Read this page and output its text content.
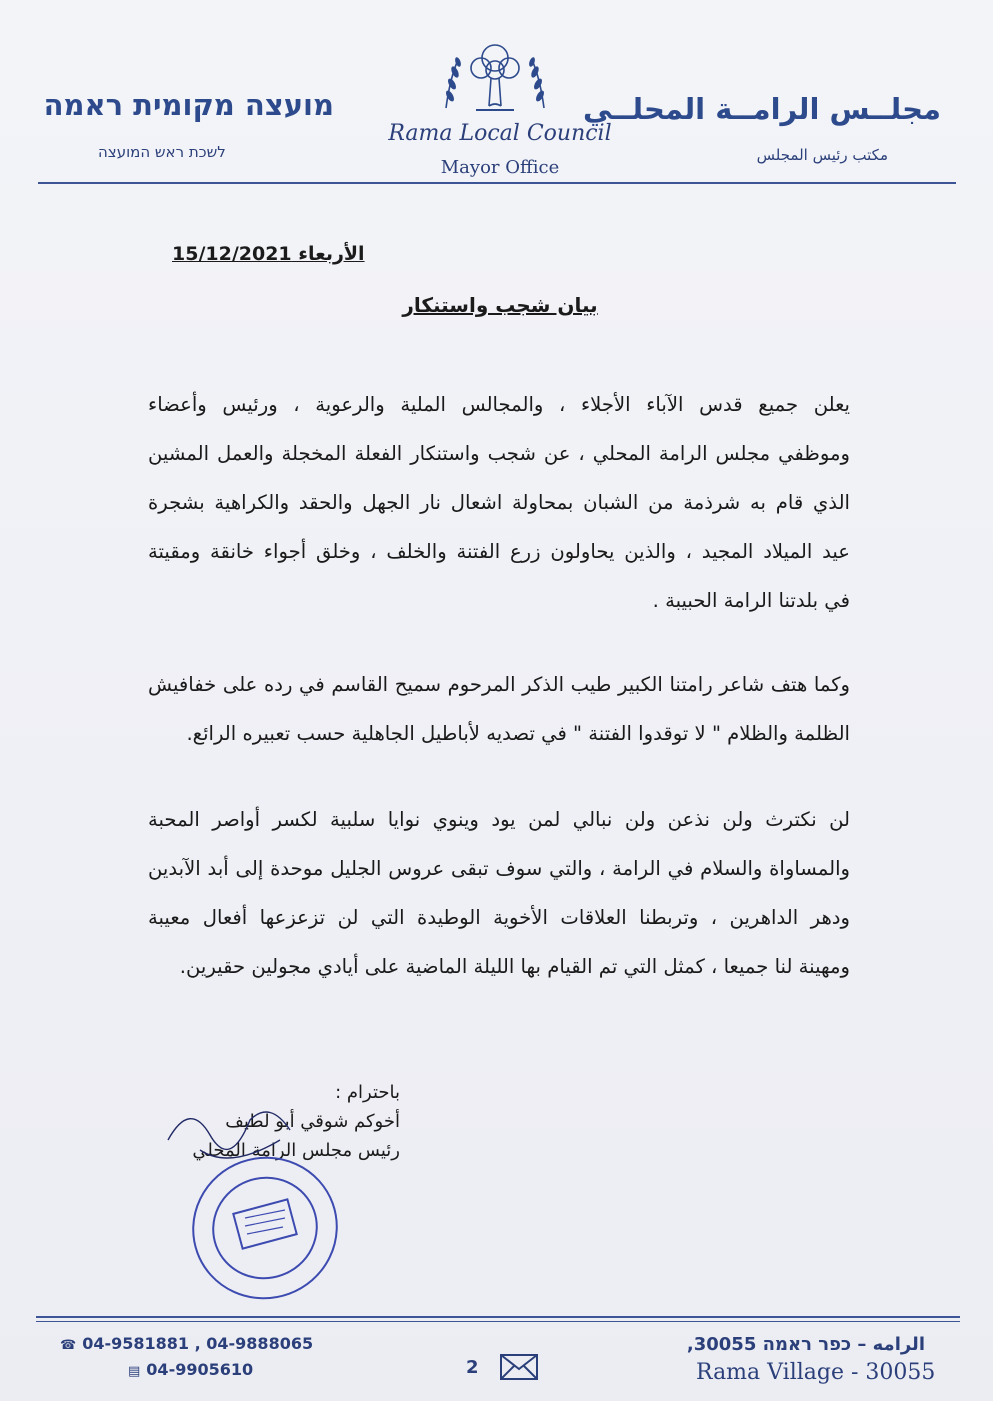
מועצה מקומית ראמה
לשכת ראש המועצה
Rama Local Council
Mayor Office
مجلــس الرامــة المحلــي
مكتب رئيس المجلس
الأربعاء 15/12/2021
بيان شجب واستنكار
يعلن جميع قدس الآباء الأجلاء ، والمجالس الملية والرعوية ، ورئيس وأعضاء
وموظفي مجلس الرامة المحلي ، عن شجب واستنكار الفعلة المخجلة والعمل المشين
الذي قام به شرذمة من الشبان بمحاولة اشعال نار الجهل والحقد والكراهية بشجرة
عيد الميلاد المجيد ، والذين يحاولون زرع الفتنة والخلف ، وخلق أجواء خانقة ومقيتة
في بلدتنا الرامة الحبيبة .
وكما هتف شاعر رامتنا الكبير طيب الذكر المرحوم سميح القاسم في رده على خفافيش
الظلمة والظلام " لا توقدوا الفتنة " في تصديه لأباطيل الجاهلية حسب تعبيره الرائع.
لن نكترث ولن نذعن ولن نبالي لمن يود وينوي نوايا سلبية لكسر أواصر المحبة
والمساواة والسلام في الرامة ، والتي سوف تبقى عروس الجليل موحدة إلى أبد الآبدين
ودهر الداهرين ، وتربطنا العلاقات الأخوية الوطيدة التي لن تزعزعها أفعال معيبة
ومهينة لنا جميعا ، كمثل التي تم القيام بها الليلة الماضية على أيادي مجولين حقيرين.
باحترام :
أخوكم شوقي أبو لطيف
رئيس مجلس الرامة المحلي
☎ 04-9581881 , 04-9888065
▤ 04-9905610	2
الرامه – כפר ראמה 30055,
Rama Village - 30055
